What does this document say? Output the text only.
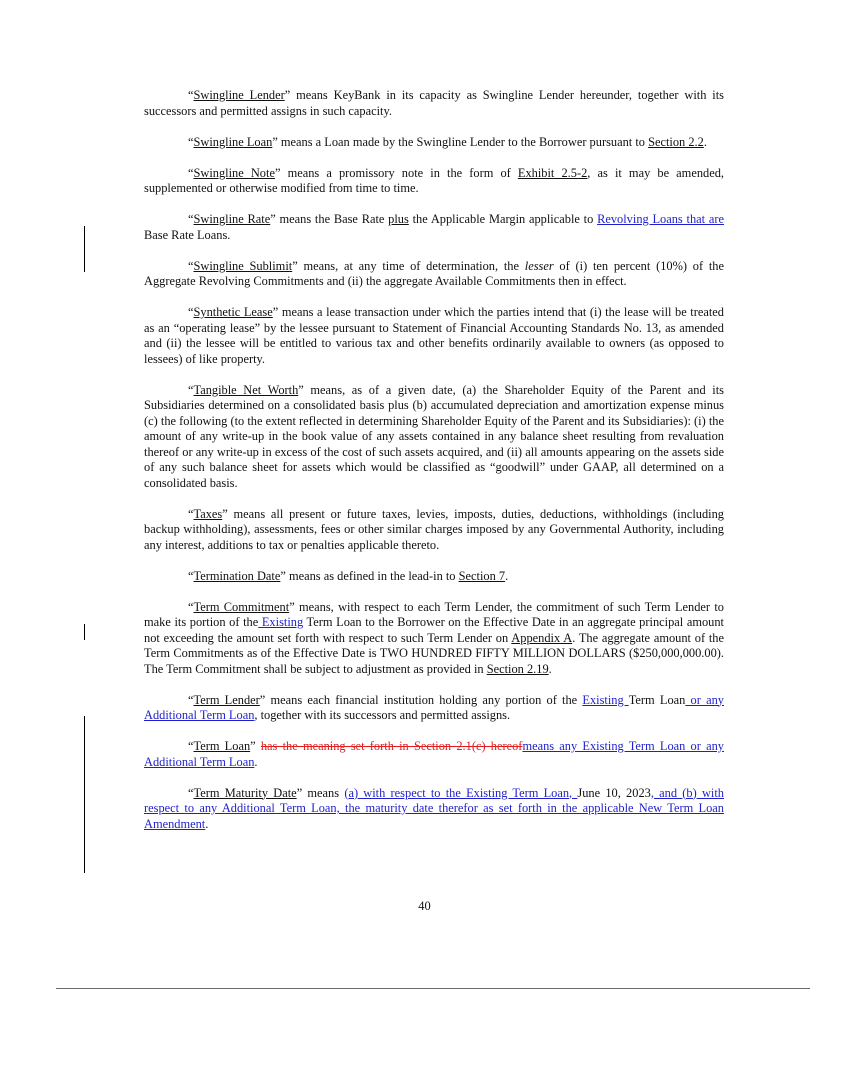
“Swingline Lender” means KeyBank in its capacity as Swingline Lender hereunder, together with its successors and permitted assigns in such capacity.

“Swingline Loan” means a Loan made by the Swingline Lender to the Borrower pursuant to Section 2.2.

“Swingline Note” means a promissory note in the form of Exhibit 2.5-2, as it may be amended, supplemented or otherwise modified from time to time.

“Swingline Rate” means the Base Rate plus the Applicable Margin applicable to Revolving Loans that are Base Rate Loans.

“Swingline Sublimit” means, at any time of determination, the lesser of (i) ten percent (10%) of the Aggregate Revolving Commitments and (ii) the aggregate Available Commitments then in effect.

“Synthetic Lease” means a lease transaction under which the parties intend that (i) the lease will be treated as an “operating lease” by the lessee pursuant to Statement of Financial Accounting Standards No. 13, as amended and (ii) the lessee will be entitled to various tax and other benefits ordinarily available to owners (as opposed to lessees) of like property.

“Tangible Net Worth” means, as of a given date, (a) the Shareholder Equity of the Parent and its Subsidiaries determined on a consolidated basis plus (b) accumulated depreciation and amortization expense minus (c) the following (to the extent reflected in determining Shareholder Equity of the Parent and its Subsidiaries): (i) the amount of any write-up in the book value of any assets contained in any balance sheet resulting from revaluation thereof or any write-up in excess of the cost of such assets acquired, and (ii) all amounts appearing on the assets side of any such balance sheet for assets which would be classified as “goodwill” under GAAP, all determined on a consolidated basis.

“Taxes” means all present or future taxes, levies, imposts, duties, deductions, withholdings (including backup withholding), assessments, fees or other similar charges imposed by any Governmental Authority, including any interest, additions to tax or penalties applicable thereto.

“Termination Date” means as defined in the lead-in to Section 7.

“Term Commitment” means, with respect to each Term Lender, the commitment of such Term Lender to make its portion of the Existing Term Loan to the Borrower on the Effective Date in an aggregate principal amount not exceeding the amount set forth with respect to such Term Lender on Appendix A. The aggregate amount of the Term Commitments as of the Effective Date is TWO HUNDRED FIFTY MILLION DOLLARS ($250,000,000.00). The Term Commitment shall be subject to adjustment as provided in Section 2.19.

“Term Lender” means each financial institution holding any portion of the Existing Term Loan or any Additional Term Loan, together with its successors and permitted assigns.

“Term Loan” has the meaning set forth in Section 2.1(c) hereofmeans any Existing Term Loan or any Additional Term Loan.

“Term Maturity Date” means (a) with respect to the Existing Term Loan, June 10, 2023, and (b) with respect to any Additional Term Loan, the maturity date therefor as set forth in the applicable New Term Loan Amendment.

40
